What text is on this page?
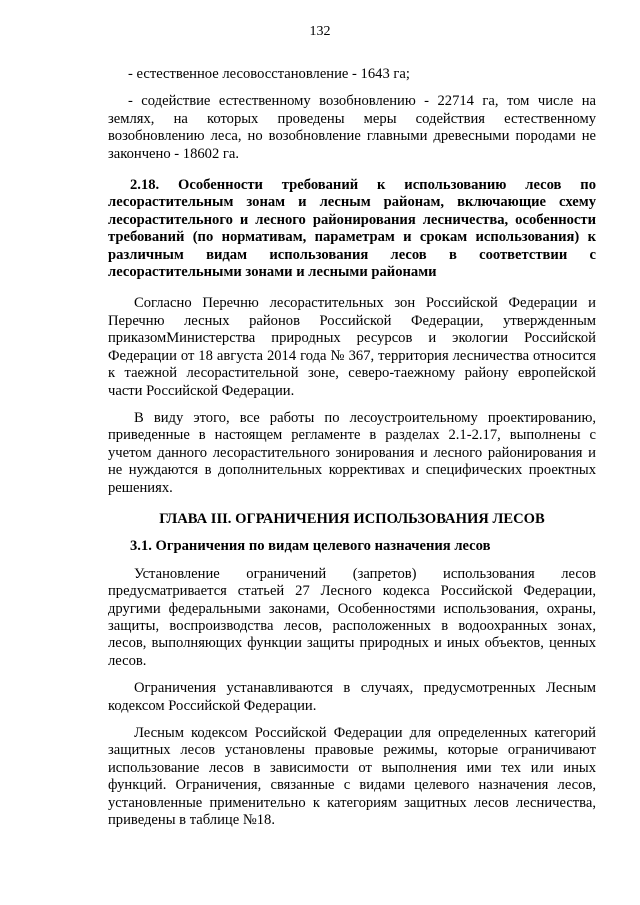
132

- естественное лесовосстановление - 1643 га;

- содействие естественному возобновлению - 22714 га, том числе на землях, на которых проведены меры содействия естественному возобновлению леса, но возобновление главными древесными породами не закончено - 18602 га.

2.18. Особенности требований к использованию лесов по лесорастительным зонам и лесным районам, включающие схему лесорастительного и лесного районирования лесничества, особенности требований (по нормативам, параметрам и срокам использования) к различным видам использования лесов в соответствии с лесорастительными зонами и лесными районами

Согласно Перечню лесорастительных зон Российской Федерации и Перечню лесных районов Российской Федерации, утвержденным приказомМинистерства природных ресурсов и экологии Российской Федерации от 18 августа 2014 года № 367, территория лесничества относится к таежной лесорастительной зоне, северо-таежному району европейской части Российской Федерации.

В виду этого, все работы по лесоустроительному проектированию, приведенные в настоящем регламенте в разделах 2.1-2.17, выполнены с учетом данного лесорастительного зонирования и лесного районирования и не нуждаются в дополнительных коррективах и специфических проектных решениях.

ГЛАВА III. ОГРАНИЧЕНИЯ ИСПОЛЬЗОВАНИЯ ЛЕСОВ

3.1. Ограничения по видам целевого назначения лесов

Установление ограничений (запретов) использования лесов предусматривается статьей 27 Лесного кодекса Российской Федерации, другими федеральными законами, Особенностями использования, охраны, защиты, воспроизводства лесов, расположенных в водоохранных зонах, лесов, выполняющих функции защиты природных и иных объектов, ценных лесов.

Ограничения устанавливаются в случаях, предусмотренных Лесным кодексом Российской Федерации.

Лесным кодексом Российской Федерации для определенных категорий защитных лесов установлены правовые режимы, которые ограничивают использование лесов в зависимости от выполнения ими тех или иных функций. Ограничения, связанные с видами целевого назначения лесов, установленные применительно к категориям защитных лесов лесничества, приведены в таблице №18.
